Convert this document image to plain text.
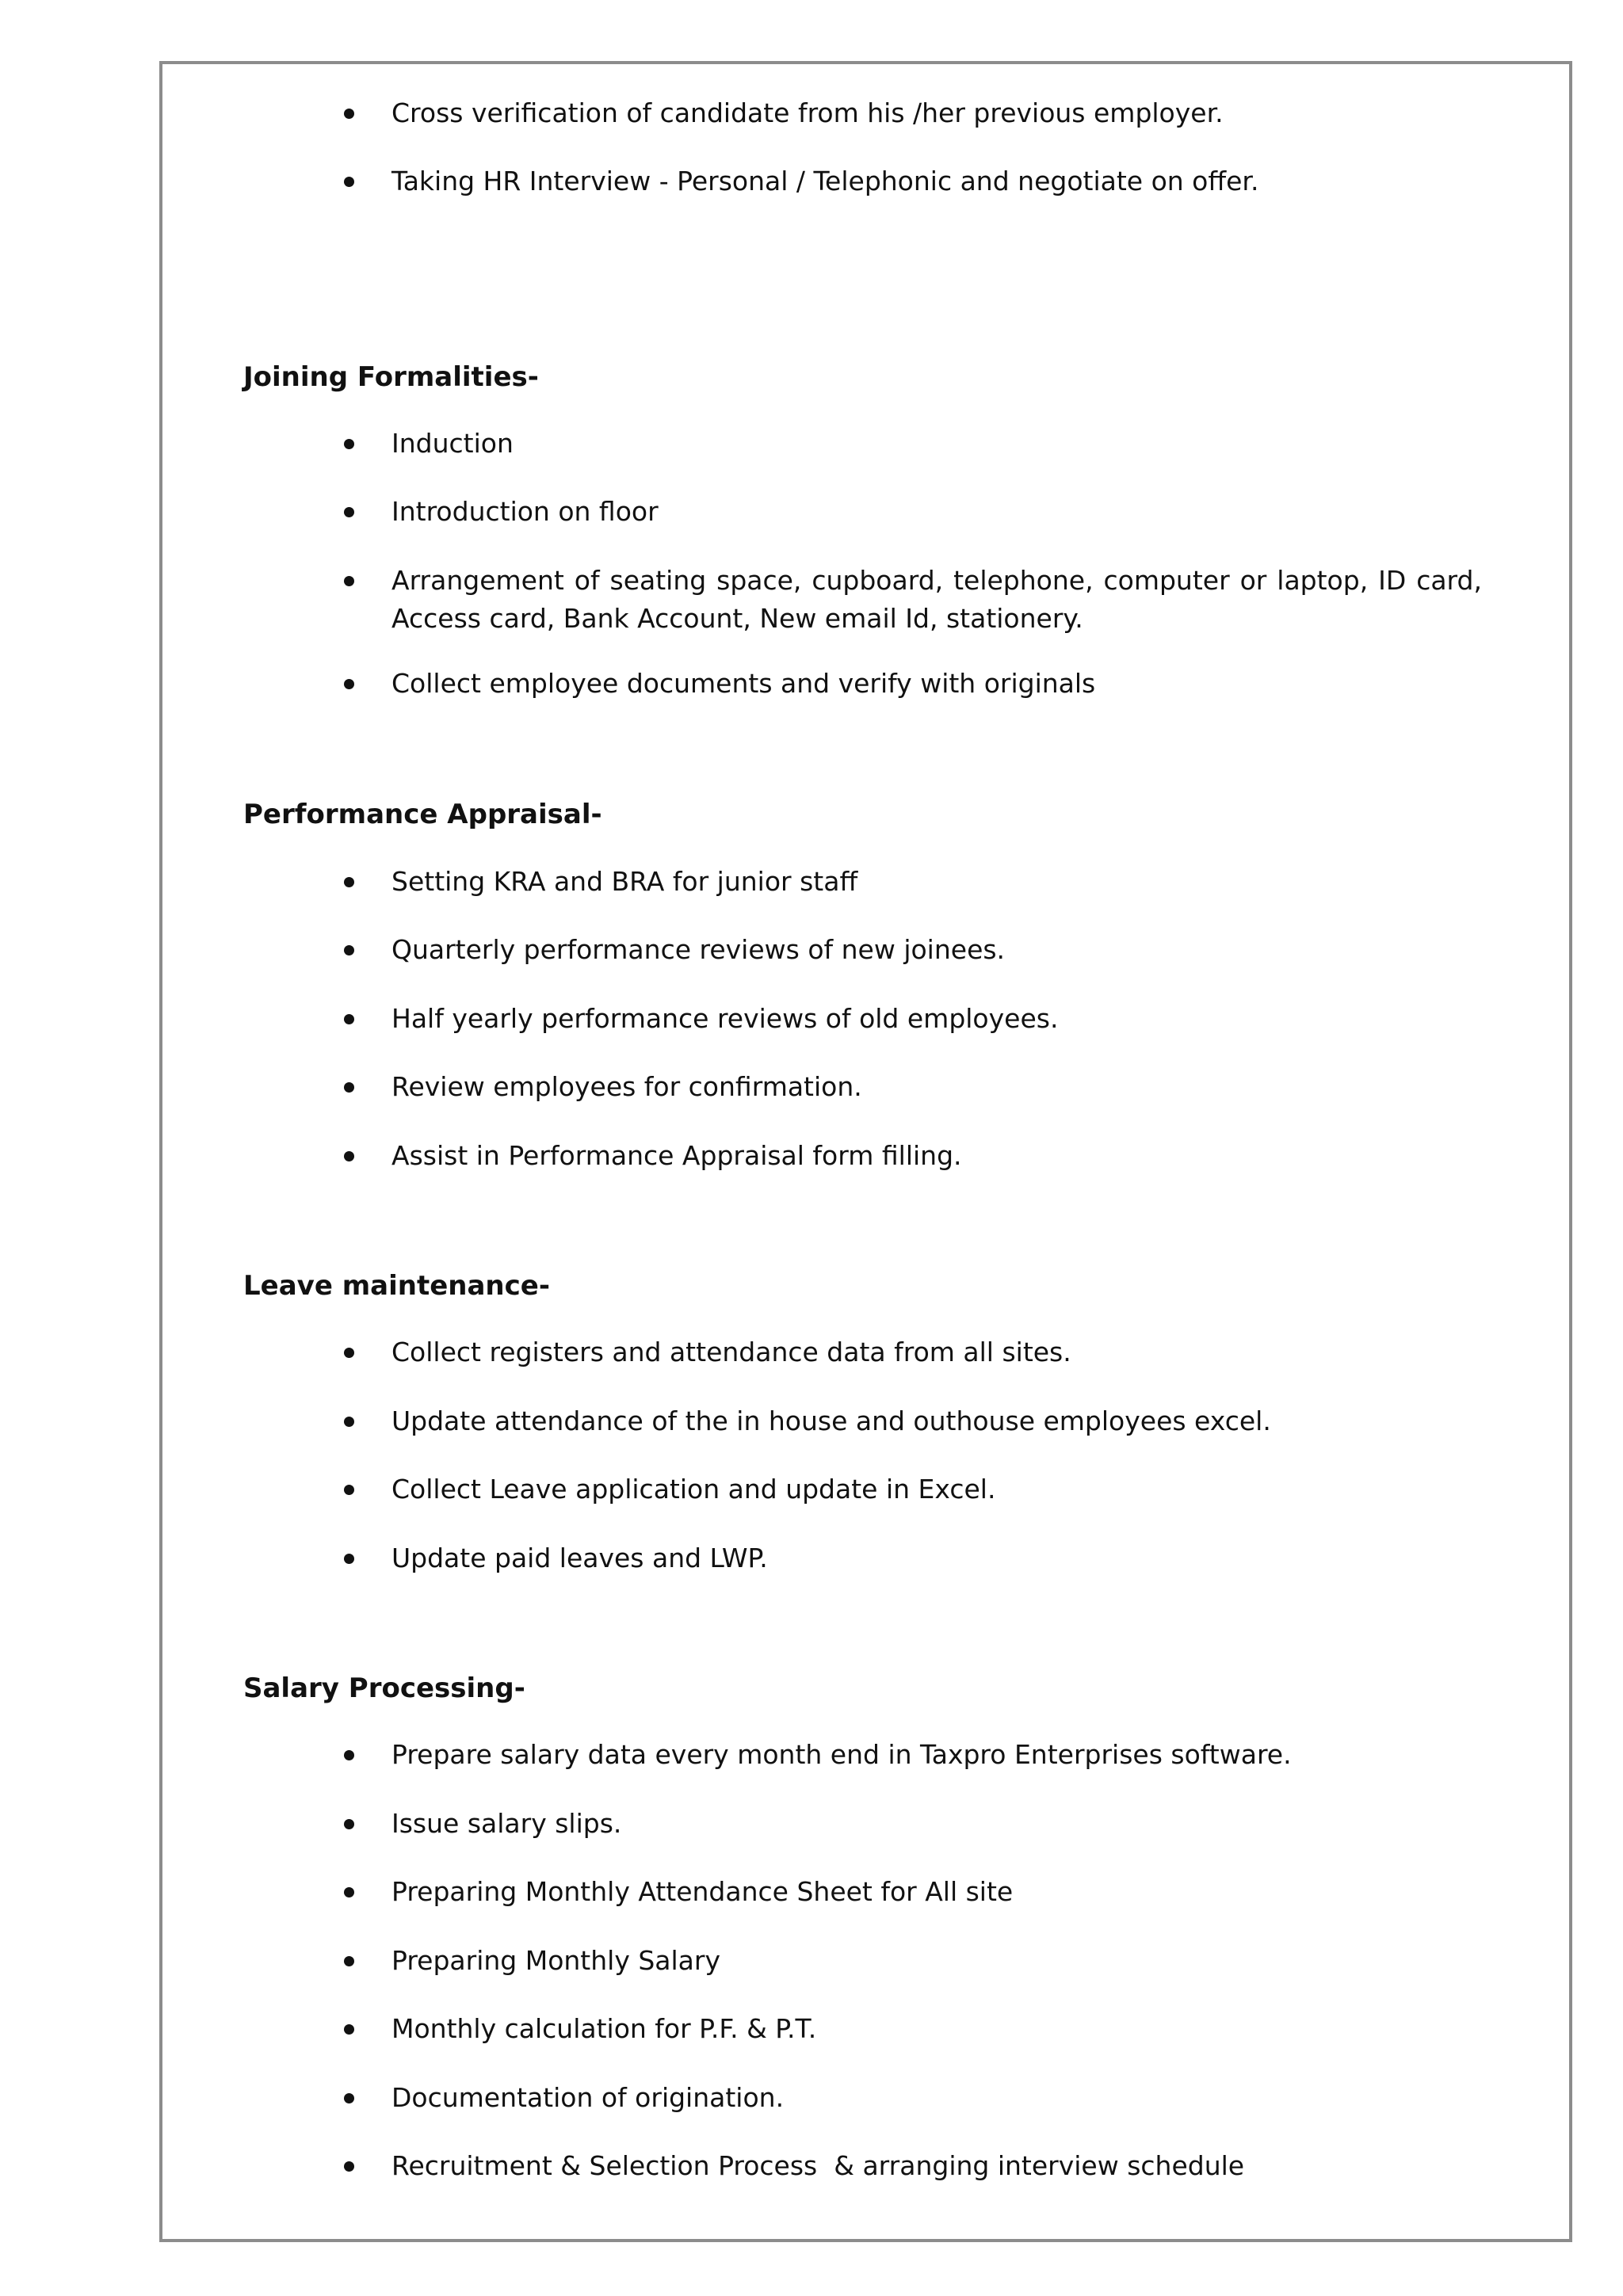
Cross verification of candidate from his /her previous employer.
Taking HR Interview - Personal / Telephonic and negotiate on offer.
Joining Formalities-
Induction
Introduction on floor
Arrangement of seating space, cupboard, telephone, computer or laptop, ID card,
Access card, Bank Account, New email Id, stationery.
Collect employee documents and verify with originals
Performance Appraisal-
Setting KRA and BRA for junior staff
Quarterly performance reviews of new joinees.
Half yearly performance reviews of old employees.
Review employees for confirmation.
Assist in Performance Appraisal form filling.
Leave maintenance-
Collect registers and attendance data from all sites.
Update attendance of the in house and outhouse employees excel.
Collect Leave application and update in Excel.
Update paid leaves and LWP.
Salary Processing-
Prepare salary data every month end in Taxpro Enterprises software.
Issue salary slips.
Preparing Monthly Attendance Sheet for All site
Preparing Monthly Salary
Monthly calculation for P.F. & P.T.
Documentation of origination.
Recruitment & Selection Process  & arranging interview schedule
